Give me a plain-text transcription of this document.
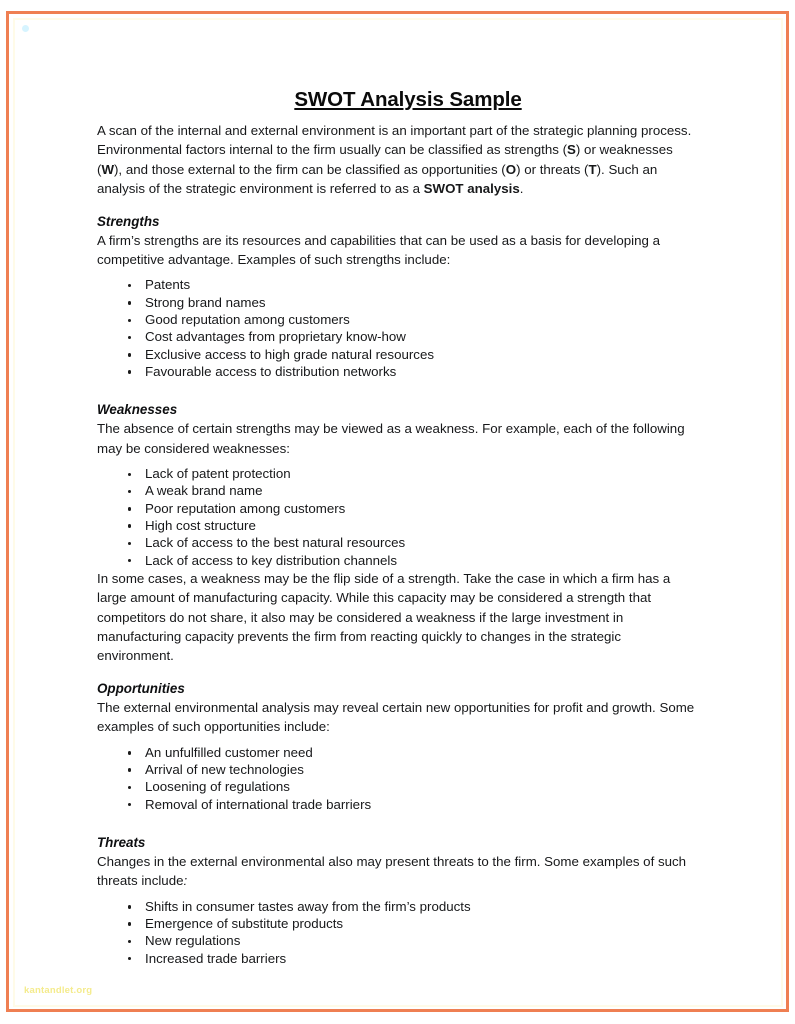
SWOT Analysis Sample

A scan of the internal and external environment is an important part of the strategic planning process. Environmental factors internal to the firm usually can be classified as strengths (S) or weaknesses (W), and those external to the firm can be classified as opportunities (O) or threats (T). Such an analysis of the strategic environment is referred to as a SWOT analysis.

Strengths

A firm’s strengths are its resources and capabilities that can be used as a basis for developing a competitive advantage. Examples of such strengths include:

Patents
Strong brand names
Good reputation among customers
Cost advantages from proprietary know-how
Exclusive access to high grade natural resources
Favourable access to distribution networks
Weaknesses

The absence of certain strengths may be viewed as a weakness. For example, each of the following may be considered weaknesses:

Lack of patent protection
A weak brand name
Poor reputation among customers
High cost structure
Lack of access to the best natural resources
Lack of access to key distribution channels

In some cases, a weakness may be the flip side of a strength. Take the case in which a firm has a large amount of manufacturing capacity. While this capacity may be considered a strength that competitors do not share, it also may be considered a weakness if the large investment in manufacturing capacity prevents the firm from reacting quickly to changes in the strategic environment.

Opportunities

The external environmental analysis may reveal certain new opportunities for profit and growth. Some examples of such opportunities include:

An unfulfilled customer need
Arrival of new technologies
Loosening of regulations
Removal of international trade barriers
Threats

Changes in the external environmental also may present threats to the firm. Some examples of such threats include:

Shifts in consumer tastes away from the firm’s products
Emergence of substitute products
New regulations
Increased trade barriers
kantandlet.org
